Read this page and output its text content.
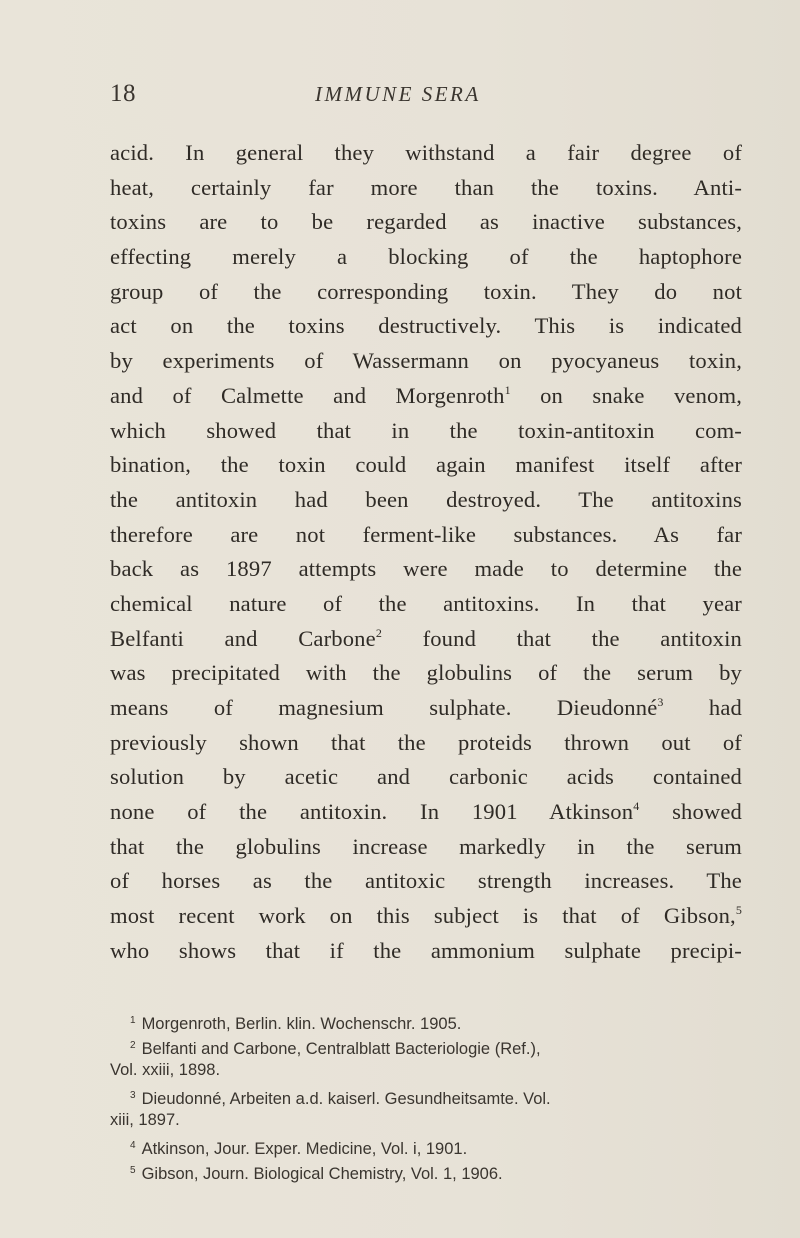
18	IMMUNE SERA
acid. In general they withstand a fair degree of
heat, certainly far more than the toxins. Anti-
toxins are to be regarded as inactive substances,
effecting merely a blocking of the haptophore
group of the corresponding toxin. They do not
act on the toxins destructively. This is indicated
by experiments of Wassermann on pyocyaneus toxin,
and of Calmette and Morgenroth$^1$ on snake venom,
which showed that in the toxin-antitoxin com-
bination, the toxin could again manifest itself after
the antitoxin had been destroyed. The antitoxins
therefore are not ferment-like substances. As far
back as 1897 attempts were made to determine the
chemical nature of the antitoxins. In that year
Belfanti and Carbone$^2$ found that the antitoxin
was precipitated with the globulins of the serum by
means of magnesium sulphate. Dieudonné$^3$ had
previously shown that the proteids thrown out of
solution by acetic and carbonic acids contained
none of the antitoxin. In 1901 Atkinson$^4$ showed
that the globulins increase markedly in the serum
of horses as the antitoxic strength increases. The
most recent work on this subject is that of Gibson,$^5$
who shows that if the ammonium sulphate precipi-
$^1$ Morgenroth, Berlin. klin. Wochenschr. 1905.
$^2$ Belfanti and Carbone, Centralblatt Bacteriologie (Ref.),
Vol. xxiii, 1898.
$^3$ Dieudonné, Arbeiten a.d. kaiserl. Gesundheitsamte. Vol.
xiii, 1897.
$^4$ Atkinson, Jour. Exper. Medicine, Vol. i, 1901.
$^5$ Gibson, Journ. Biological Chemistry, Vol. 1, 1906.
